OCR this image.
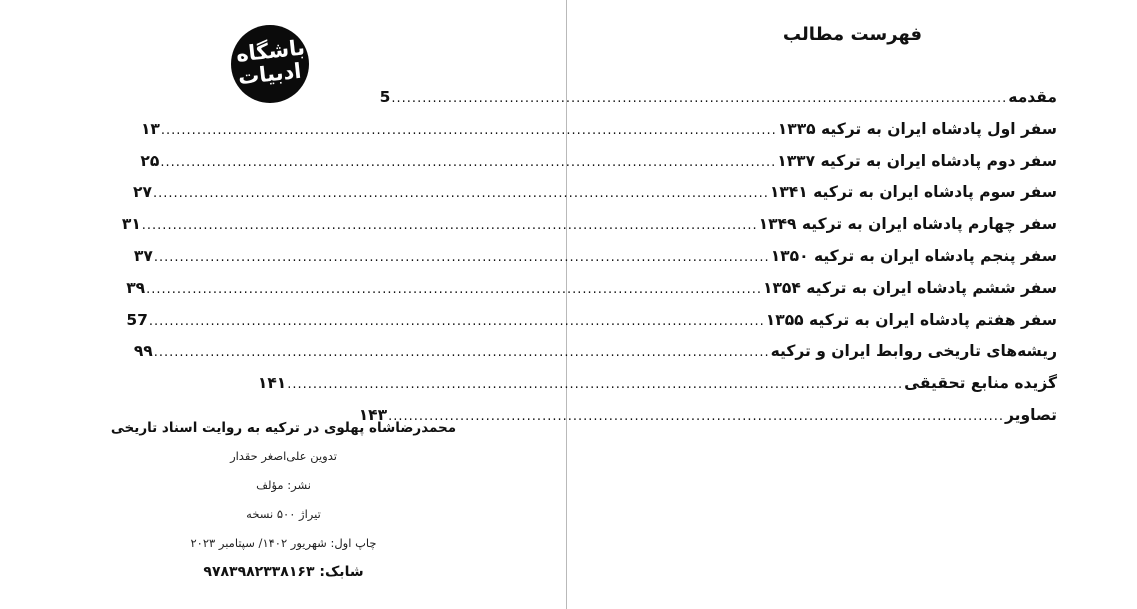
باشگاه
ادبیات
محمدرضاشاه پهلوی در ترکیه به روایت اسناد تاریخی
تدوین علی‌اصغر حقدار
نشر: مؤلف
تیراژ ۵۰۰ نسخه
چاپ اول: شهریور ۱۴۰۲/ سپتامبر ۲۰۲۳
شابک: ۹۷۸۳۹۸۲۳۳۸۱۶۳
فهرست مطالب
مقدمه
........................................................................................................................
5
سفر اول پادشاه ایران به ترکیه ۱۳۳۵
........................................................................................................................
۱۳
سفر دوم پادشاه ایران به ترکیه ۱۳۳۷
........................................................................................................................
۲۵
سفر سوم پادشاه ایران به ترکیه ۱۳۴۱
........................................................................................................................
۲۷
سفر چهارم پادشاه ایران به ترکیه ۱۳۴۹
........................................................................................................................
۳۱
سفر پنجم پادشاه ایران به ترکیه ۱۳۵۰
........................................................................................................................
۳۷
سفر ششم پادشاه ایران به ترکیه ۱۳۵۴
........................................................................................................................
۳۹
سفر هفتم پادشاه ایران به ترکیه ۱۳۵۵
........................................................................................................................
57
ریشه‌های تاریخی روابط ایران و ترکیه
........................................................................................................................
۹۹
گزیده منابع تحقیقی
........................................................................................................................
۱۴۱
تصاویر
........................................................................................................................
۱۴۳
